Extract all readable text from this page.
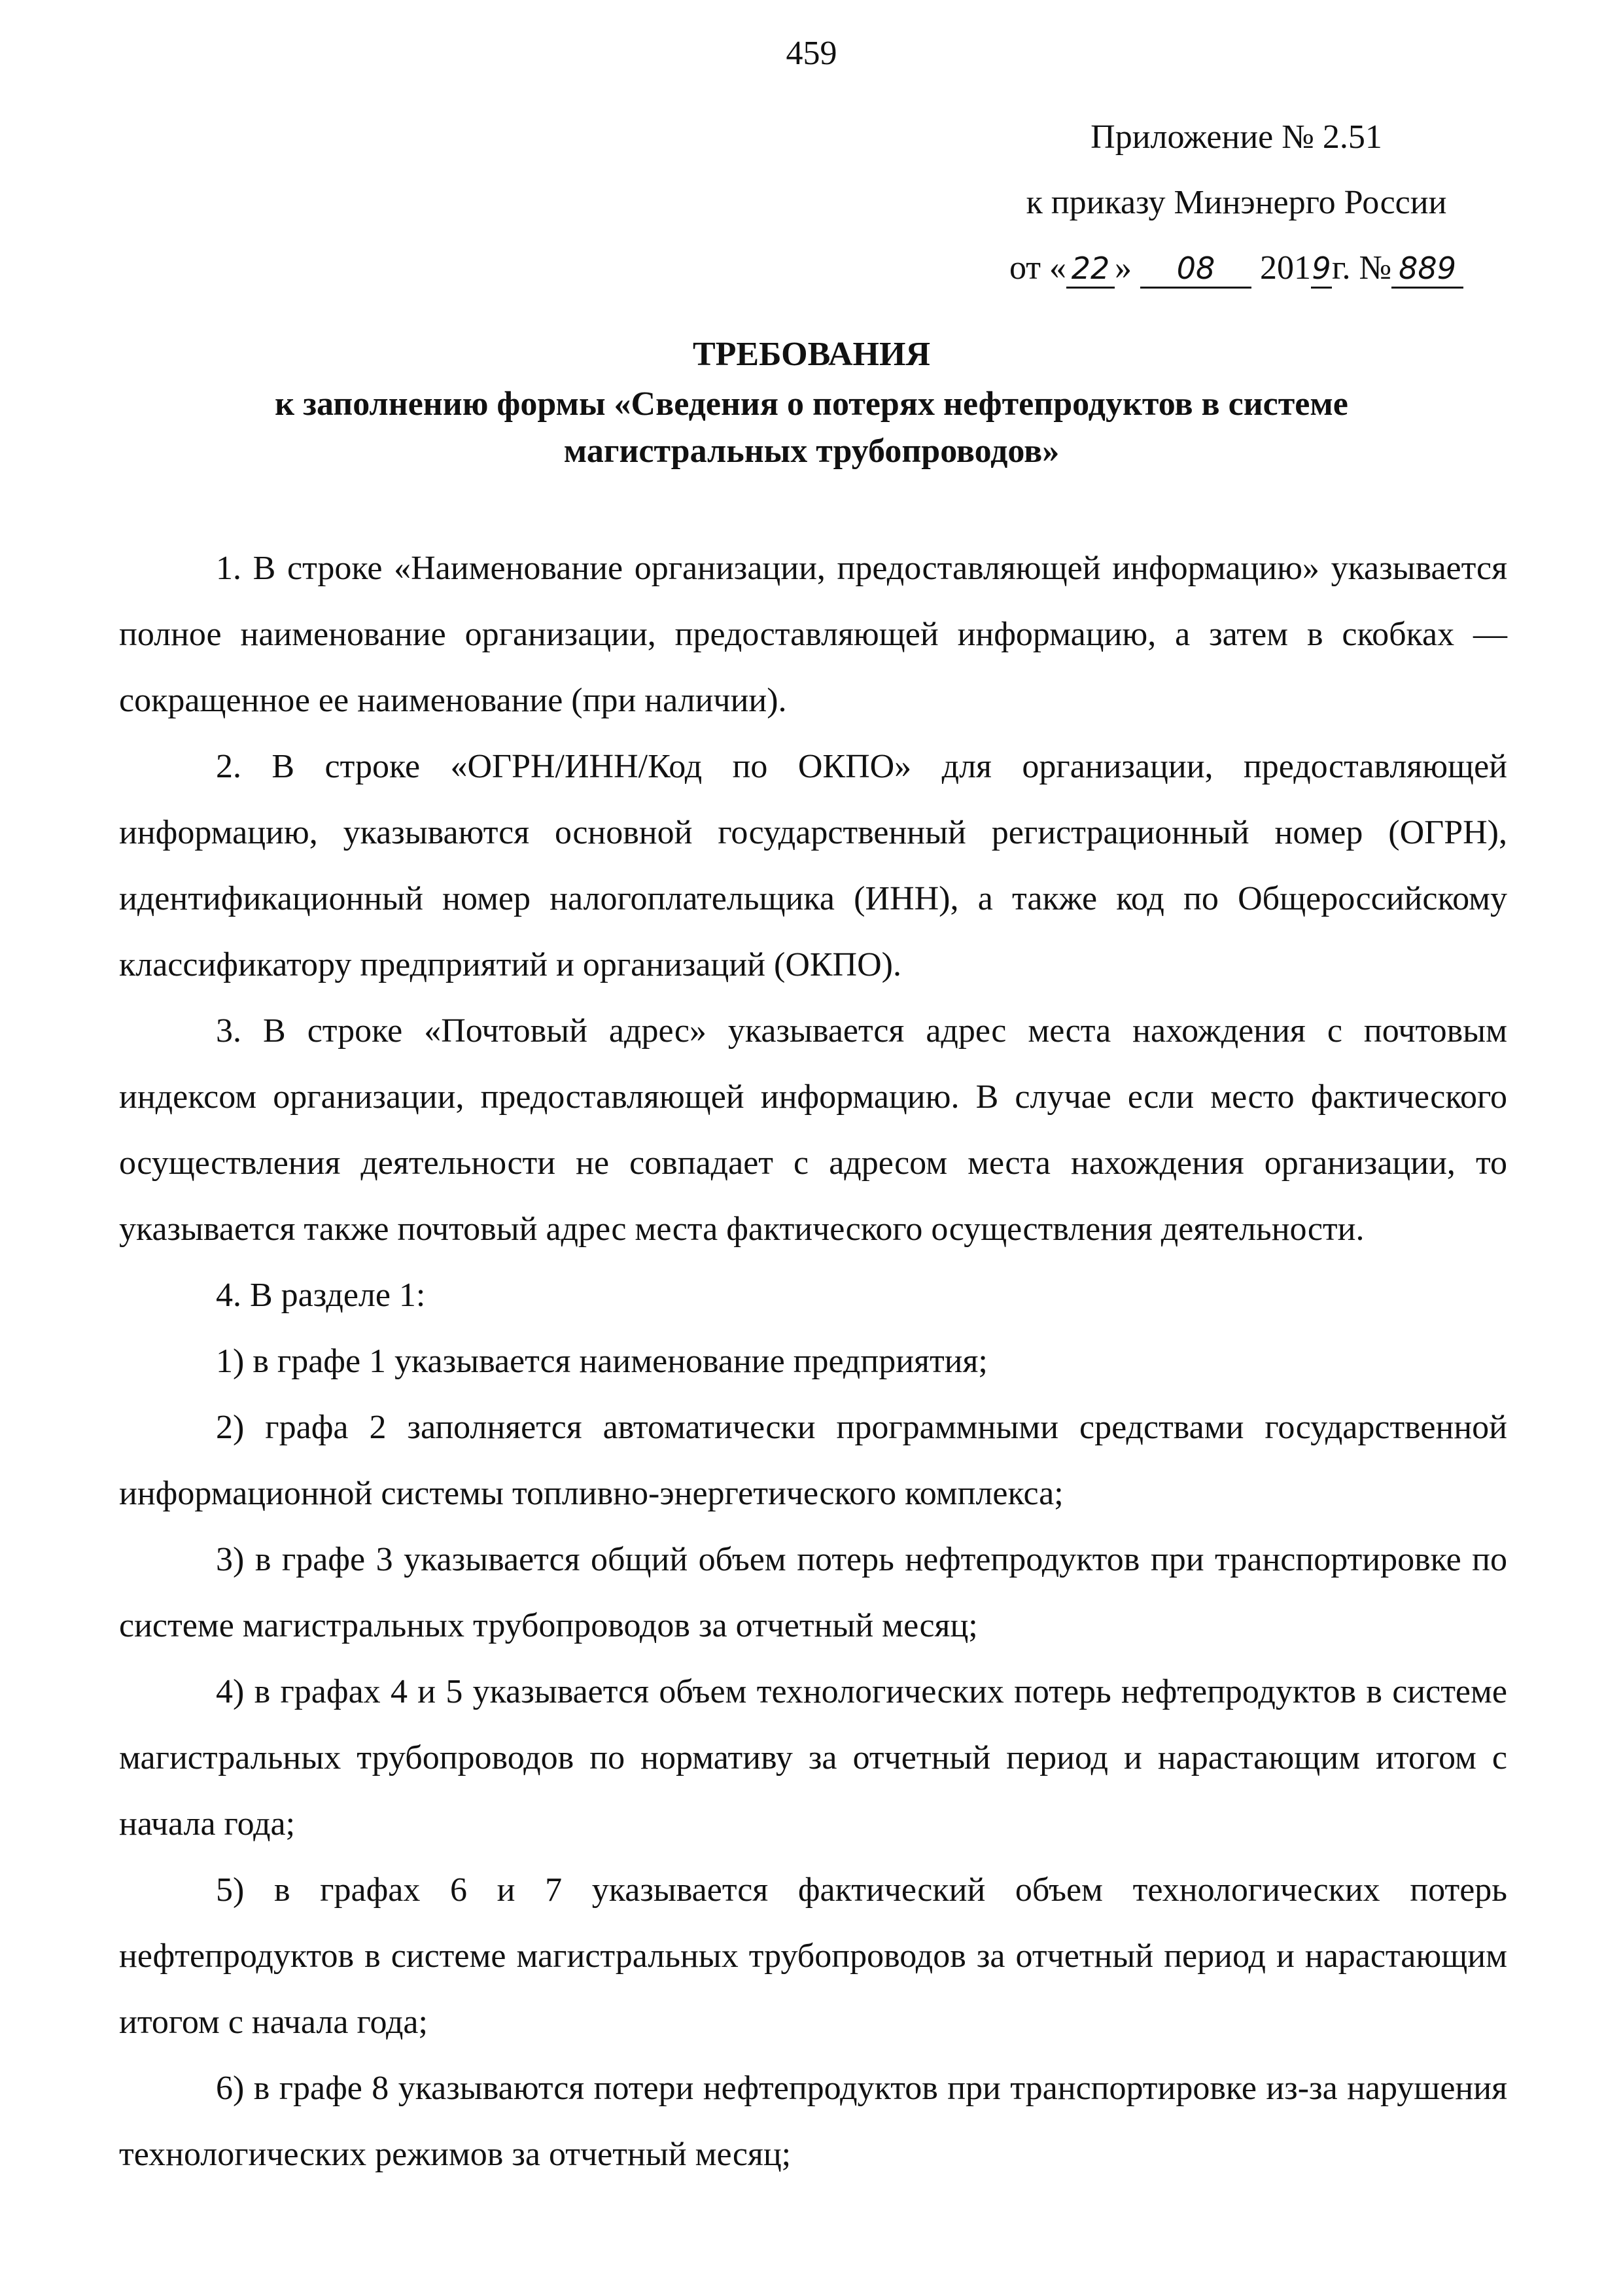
459
Приложение № 2.51
к приказу Минэнерго России
от « 22 » 08 2019г. № 889
ТРЕБОВАНИЯ
к заполнению формы «Сведения о потерях нефтепродуктов в системе
магистральных трубопроводов»

1. В строке «Наименование организации, предоставляющей информацию» указывается полное наименование организации, предоставляющей информацию, а затем в скобках — сокращенное ее наименование (при наличии).

2. В строке «ОГРН/ИНН/Код по ОКПО» для организации, предоставляющей информацию, указываются основной государственный регистрационный номер (ОГРН), идентификационный номер налогоплательщика (ИНН), а также код по Общероссийскому классификатору предприятий и организаций (ОКПО).

3. В строке «Почтовый адрес» указывается адрес места нахождения с почтовым индексом организации, предоставляющей информацию. В случае если место фактического осуществления деятельности не совпадает с адресом места нахождения организации, то указывается также почтовый адрес места фактического осуществления деятельности.

4. В разделе 1:

1) в графе 1 указывается наименование предприятия;

2) графа 2 заполняется автоматически программными средствами государственной информационной системы топливно-энергетического комплекса;

3) в графе 3 указывается общий объем потерь нефтепродуктов при транспортировке по системе магистральных трубопроводов за отчетный месяц;

4) в графах 4 и 5 указывается объем технологических потерь нефтепродуктов в системе магистральных трубопроводов по нормативу за отчетный период и нарастающим итогом с начала года;

5) в графах 6 и 7 указывается фактический объем технологических потерь нефтепродуктов в системе магистральных трубопроводов за отчетный период и нарастающим итогом с начала года;

6) в графе 8 указываются потери нефтепродуктов при транспортировке из-за нарушения технологических режимов за отчетный месяц;
